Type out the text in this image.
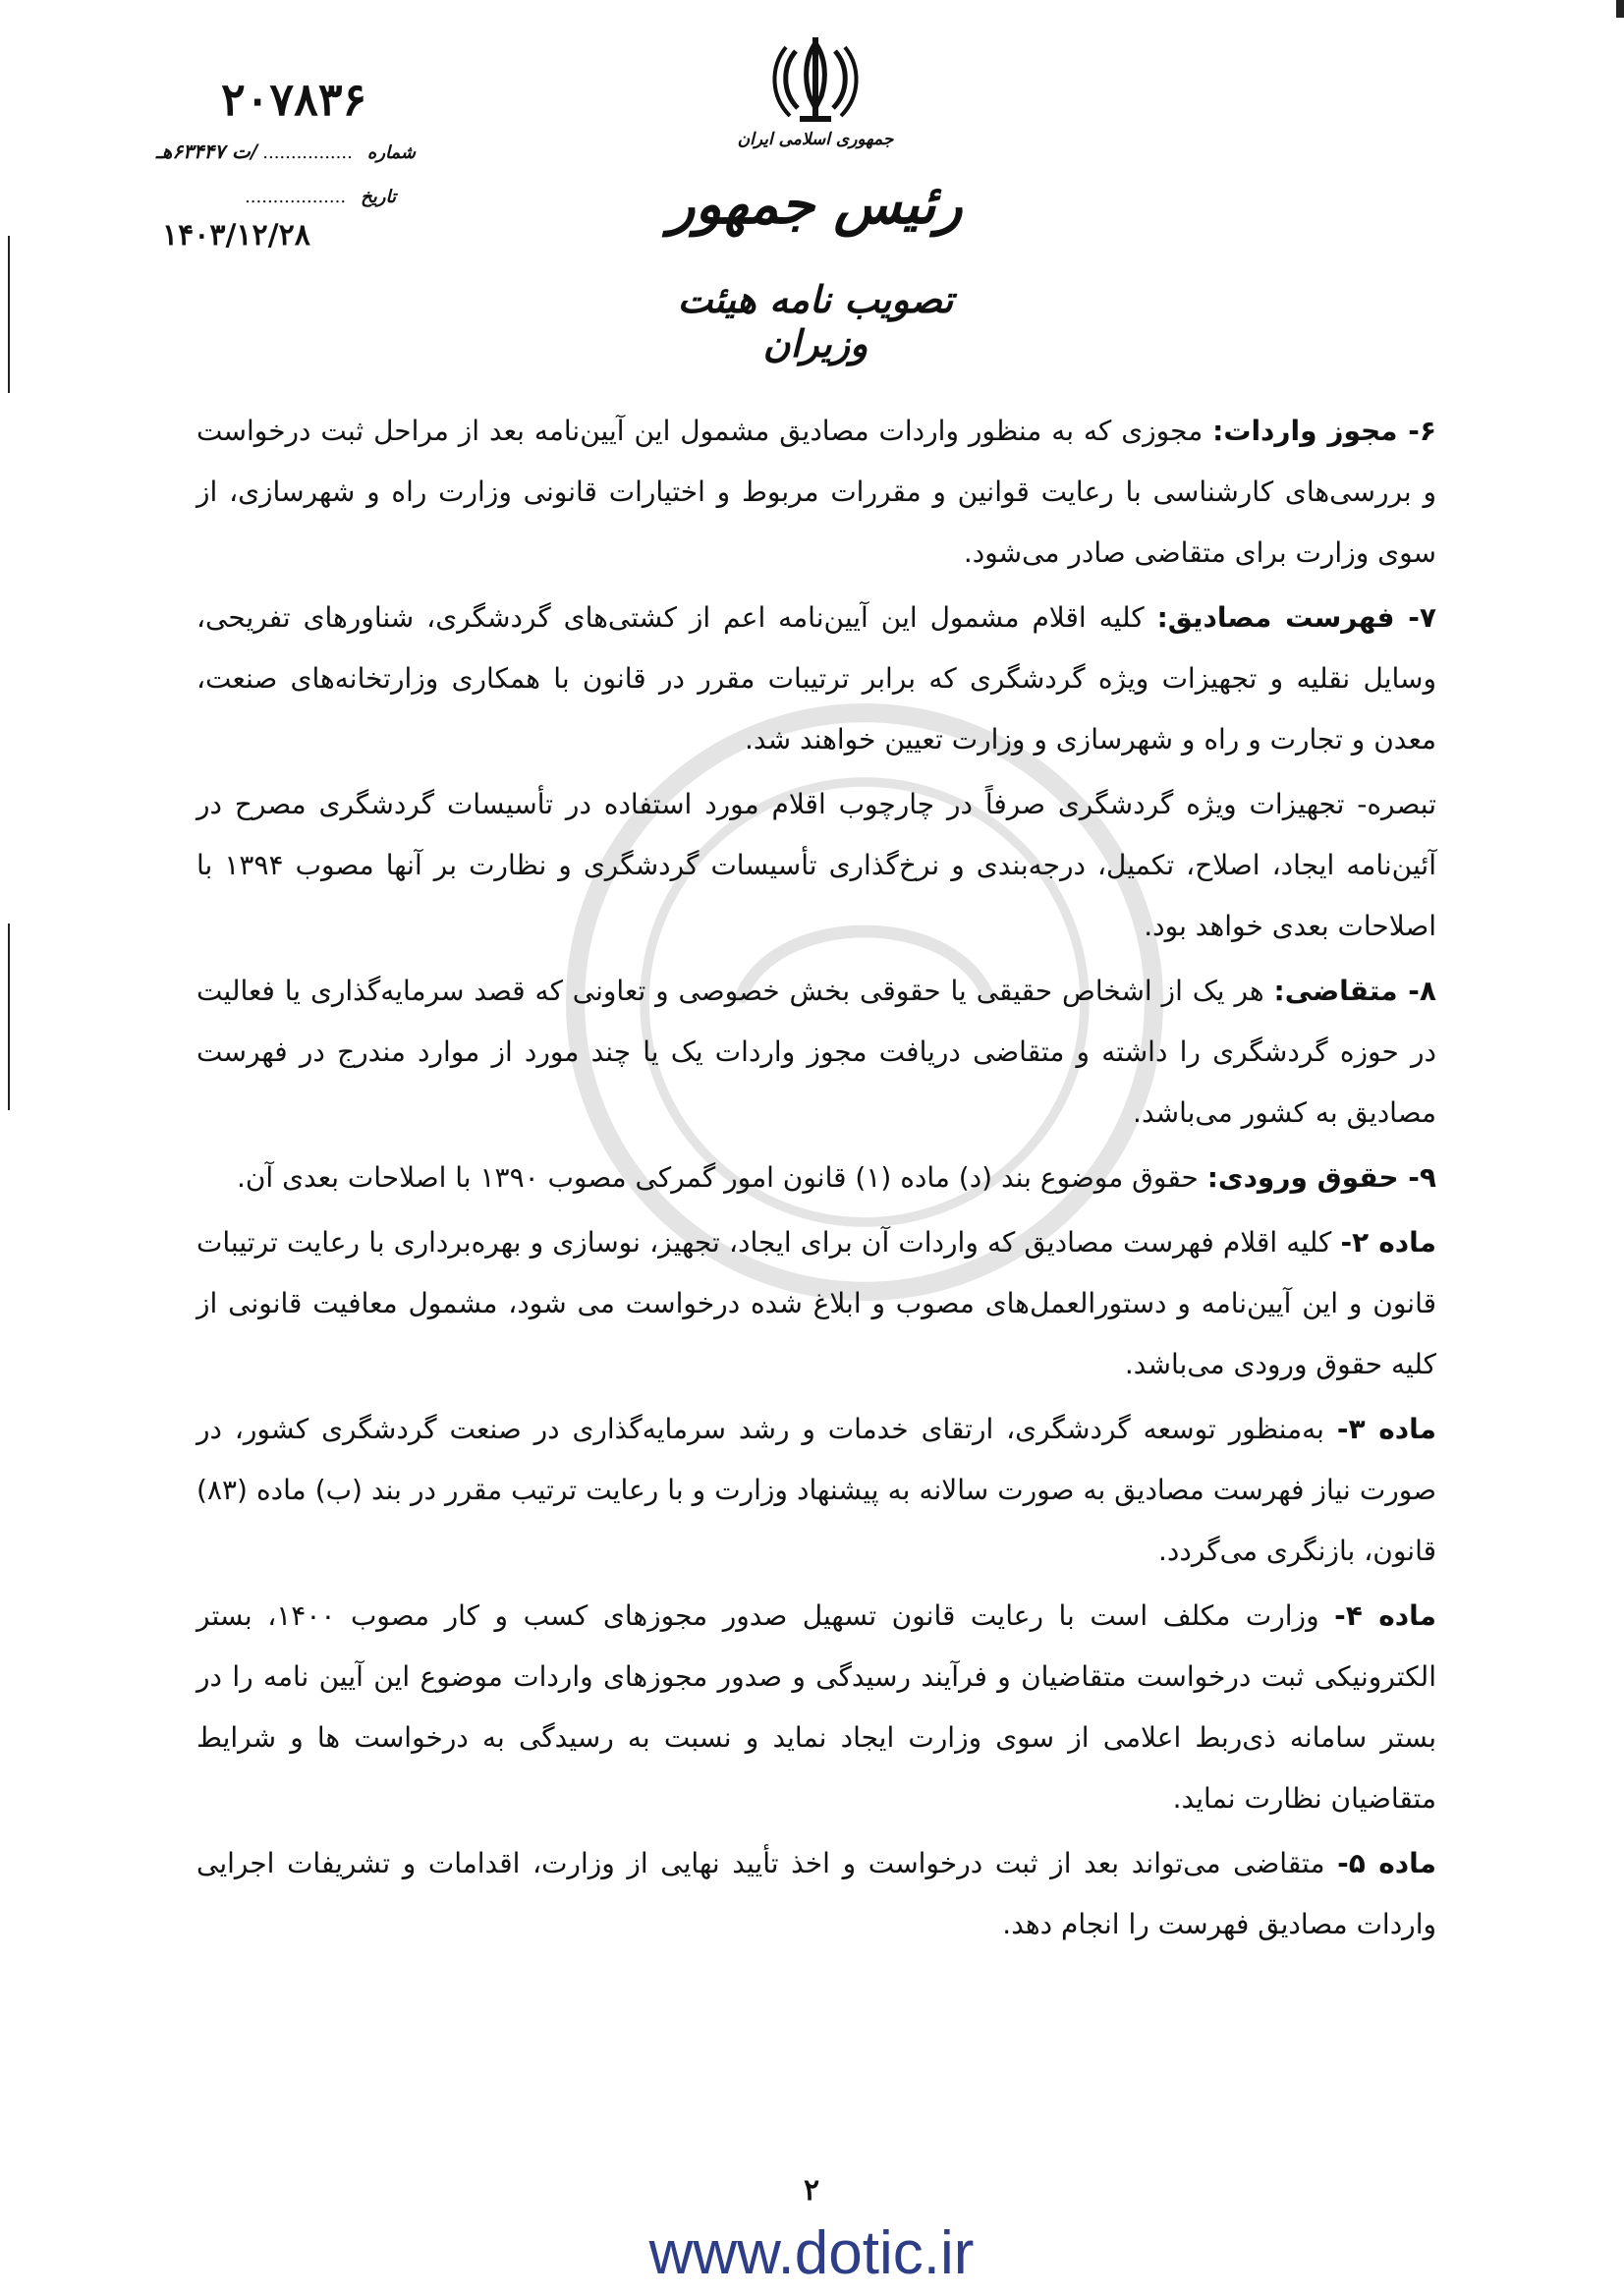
جمهوری اسلامی ایران
رئیس جمهور
تصویب نامه هیئت وزیران
۲۰۷۸۳۶
شماره ................ /ت ۶۳۴۴۷هـ
تاریخ ..................
۱۴۰۳/۱۲/۲۸

۶- مجوز واردات: مجوزی که به منظور واردات مصادیق مشمول این آیین‌نامه بعد از مراحل ثبت درخواست و بررسی‌های کارشناسی با رعایت قوانین و مقررات مربوط و اختیارات قانونی وزارت راه و شهرسازی، از سوی وزارت برای متقاضی صادر می‌شود.

۷- فهرست مصادیق: کلیه اقلام مشمول این آیین‌نامه اعم از کشتی‌های گردشگری، شناورهای تفریحی، وسایل نقلیه و تجهیزات ویژه گردشگری که برابر ترتیبات مقرر در قانون با همکاری وزارتخانه‌های صنعت، معدن و تجارت و راه و شهرسازی و وزارت تعیین خواهند شد.

تبصره- تجهیزات ویژه گردشگری صرفاً در چارچوب اقلام مورد استفاده در تأسیسات گردشگری مصرح در آئین‌نامه ایجاد، اصلاح، تکمیل، درجه‌بندی و نرخ‌گذاری تأسیسات گردشگری و نظارت بر آنها مصوب ۱۳۹۴ با اصلاحات بعدی خواهد بود.

۸- متقاضی: هر یک از اشخاص حقیقی یا حقوقی بخش خصوصی و تعاونی که قصد سرمایه‌گذاری یا فعالیت در حوزه گردشگری را داشته و متقاضی دریافت مجوز واردات یک یا چند مورد از موارد مندرج در فهرست مصادیق به کشور می‌باشد.

۹- حقوق ورودی: حقوق موضوع بند (د) ماده (۱) قانون امور گمرکی مصوب ۱۳۹۰ با اصلاحات بعدی آن.

ماده ۲- کلیه اقلام فهرست مصادیق که واردات آن برای ایجاد، تجهیز، نوسازی و بهره‌برداری با رعایت ترتیبات قانون و این آیین‌نامه و دستورالعمل‌های مصوب و ابلاغ شده درخواست می شود، مشمول معافیت قانونی از کلیه حقوق ورودی می‌باشد.

ماده ۳- به‌منظور توسعه گردشگری، ارتقای خدمات و رشد سرمایه‌گذاری در صنعت گردشگری کشور، در صورت نیاز فهرست مصادیق به صورت سالانه به پیشنهاد وزارت و با رعایت ترتیب مقرر در بند (ب) ماده (۸۳) قانون، بازنگری می‌گردد.

ماده ۴- وزارت مکلف است با رعایت قانون تسهیل صدور مجوزهای کسب و کار مصوب ۱۴۰۰، بستر الکترونیکی ثبت درخواست متقاضیان و فرآیند رسیدگی و صدور مجوزهای واردات موضوع این آیین نامه را در بستر سامانه ذی‌ربط اعلامی از سوی وزارت ایجاد نماید و نسبت به رسیدگی به درخواست ها و شرایط متقاضیان نظارت نماید.

ماده ۵- متقاضی می‌تواند بعد از ثبت درخواست و اخذ تأیید نهایی از وزارت، اقدامات و تشریفات اجرایی واردات مصادیق فهرست را انجام دهد.

۲
www.dotic.ir
